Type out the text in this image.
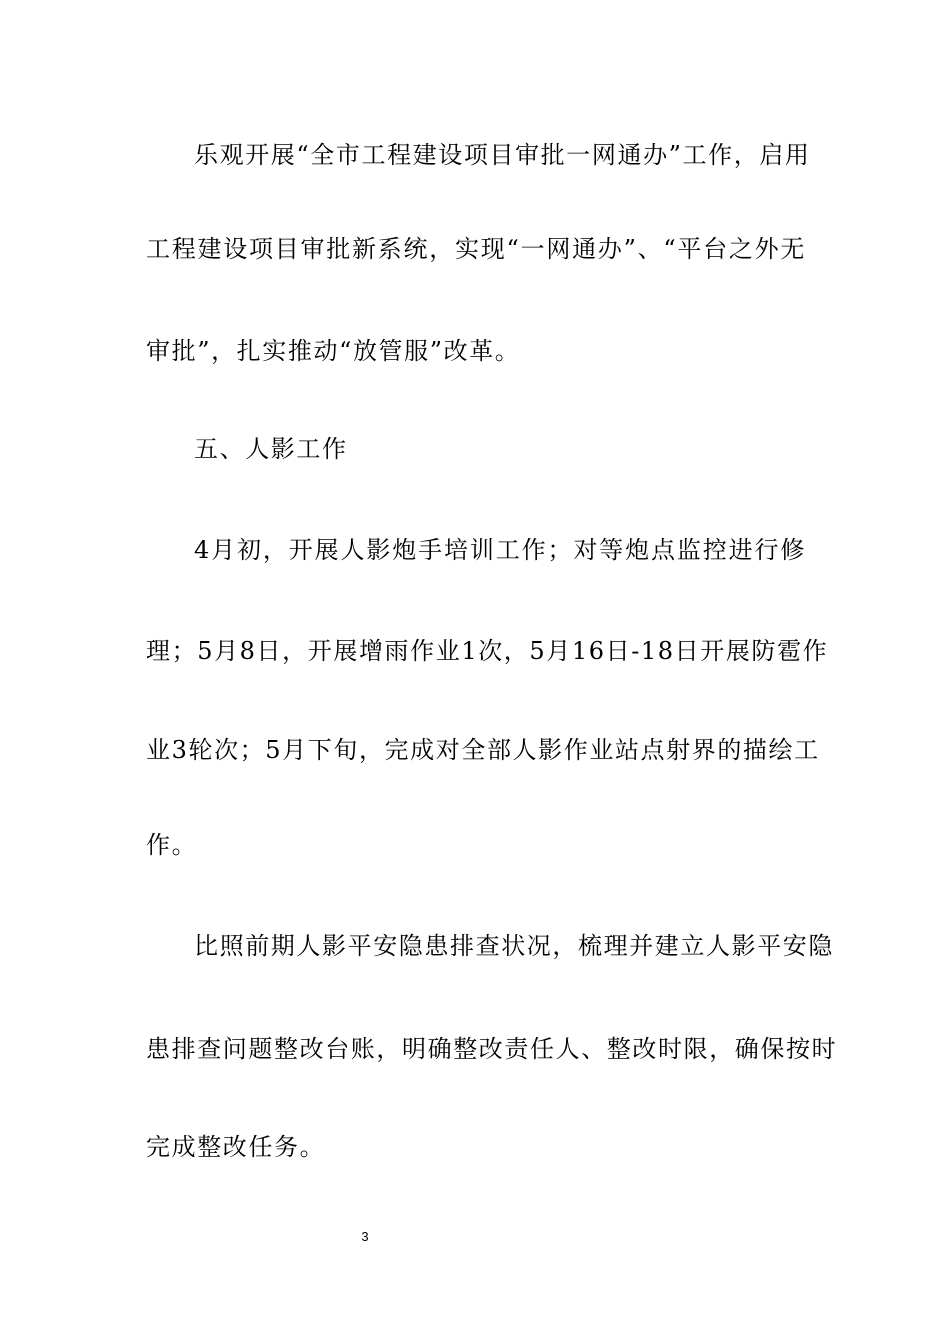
乐观开展“全市工程建设项目审批一网通办”工作，启用
工程建设项目审批新系统，实现“一网通办”、“平台之外无
审批”，扎实推动“放管服”改革。
五、人影工作
4月初，开展人影炮手培训工作；对等炮点监控进行修
理；5月8日，开展增雨作业1次，5月16日-18日开展防雹作
业3轮次；5月下旬，完成对全部人影作业站点射界的描绘工
作。
比照前期人影平安隐患排查状况，梳理并建立人影平安隐
患排查问题整改台账，明确整改责任人、整改时限，确保按时
完成整改任务。
3
